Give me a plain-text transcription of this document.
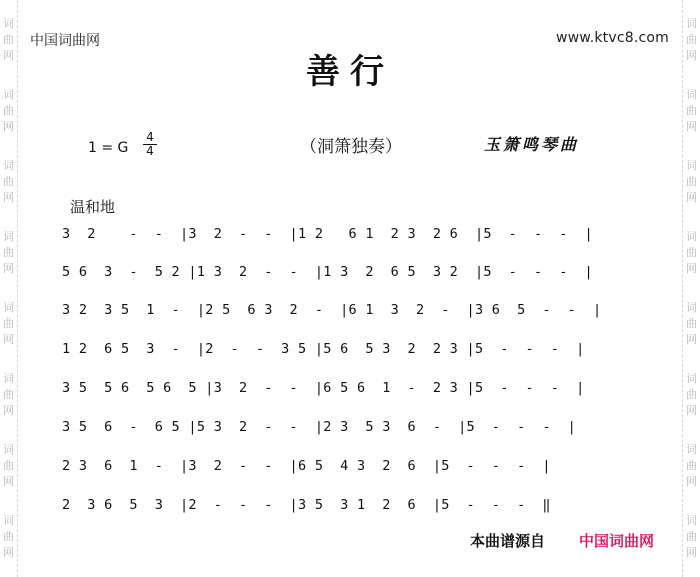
词
曲
网
词
曲
网
词
曲
网
词
曲
网
词
曲
网
词
曲
网
词
曲
网
词
曲
网
词
曲
网
词
曲
网
词
曲
网
词
曲
网
词
曲
网
词
曲
网
词
曲
网
词
曲
网
中国词曲网	www.ktvc8.com
善行
1 = G
4
4	（洞箫独奏）	玉箫鸣琴曲
温和地
3  2    -  -  |3  2  -  -  |1 2   6 1  2 3  2 6  |5  -  -  -  |
5 6  3  -  5 2 |1 3  2  -  -  |1 3  2  6 5  3 2  |5  -  -  -  |
3 2  3 5  1  -  |2 5  6 3  2  -  |6 1  3  2  -  |3 6  5  -  -  |
1 2  6 5  3  -  |2  -  -  3 5 |5 6  5 3  2  2 3 |5  -  -  -  |
3 5  5 6  5 6  5 |3  2  -  -  |6 5 6  1  -  2 3 |5  -  -  -  |
3 5  6  -  6 5 |5 3  2  -  -  |2 3  5 3  6  -  |5  -  -  -  |
2 3  6  1  -  |3  2  -  -  |6 5  4 3  2  6  |5  -  -  -  |
2  3 6  5  3  |2  -  -  -  |3 5  3 1  2  6  |5  -  -  -  ‖
本曲谱源自 中国词曲网
